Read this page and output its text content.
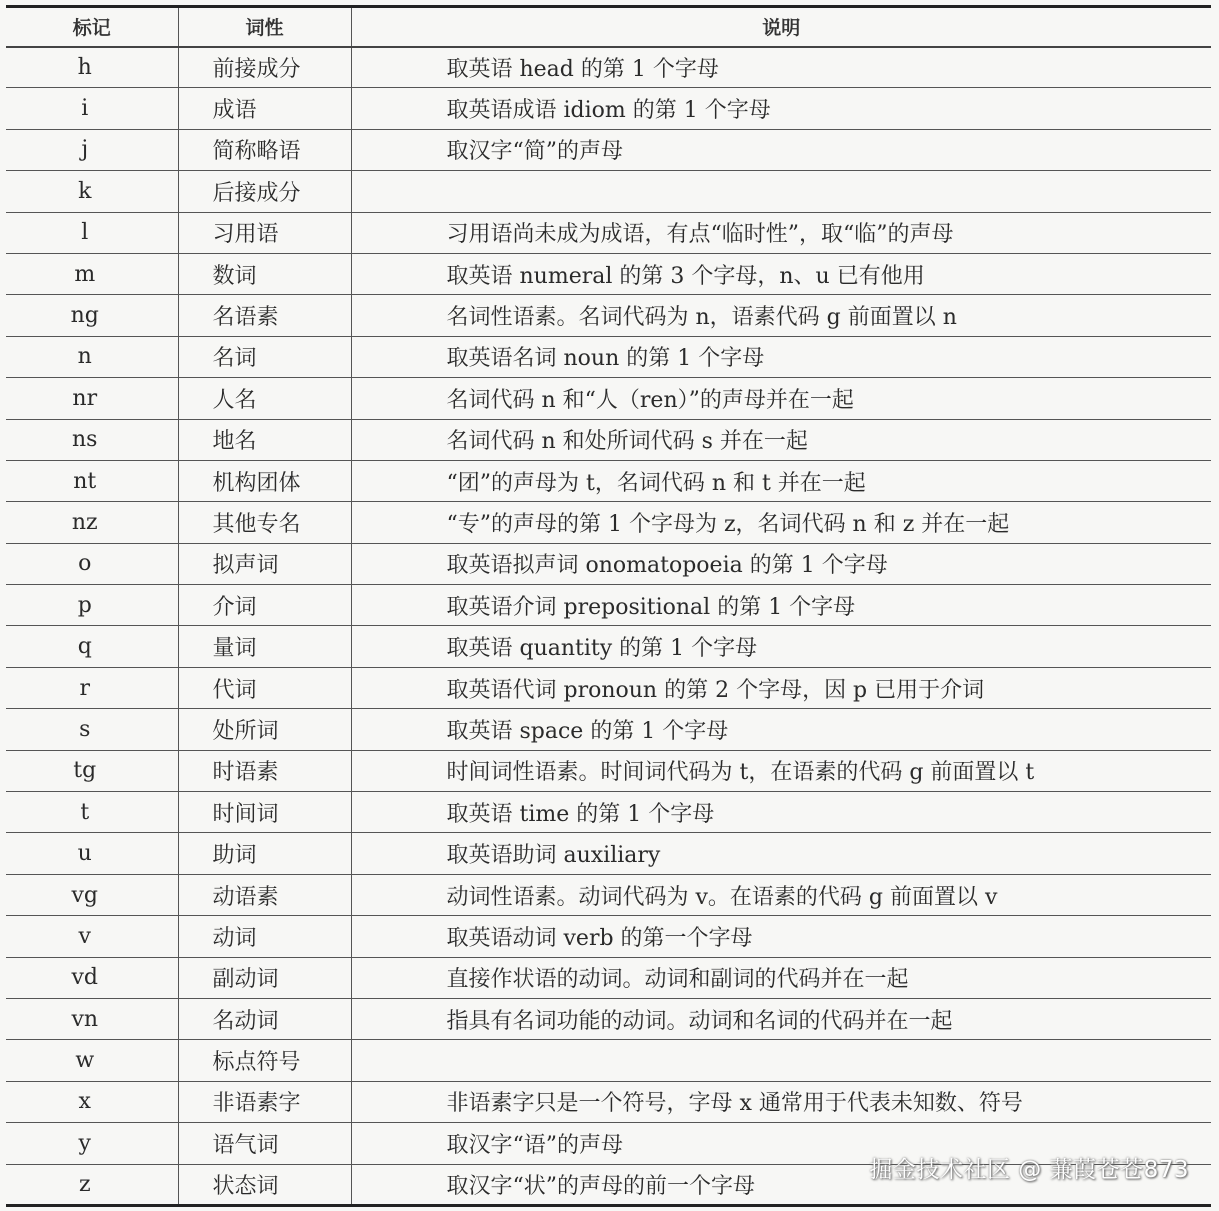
标记	词性	说明
h	前接成分	取英语 head 的第 1 个字母
i	成语	取英语成语 idiom 的第 1 个字母
j	简称略语	取汉字“简”的声母
k	后接成分	
l	习用语	习用语尚未成为成语，有点“临时性”，取“临”的声母
m	数词	取英语 numeral 的第 3 个字母，n、u 已有他用
ng	名语素	名词性语素。名词代码为 n，语素代码 g 前面置以 n
n	名词	取英语名词 noun 的第 1 个字母
nr	人名	名词代码 n 和“人（ren）”的声母并在一起
ns	地名	名词代码 n 和处所词代码 s 并在一起
nt	机构团体	“团”的声母为 t，名词代码 n 和 t 并在一起
nz	其他专名	“专”的声母的第 1 个字母为 z，名词代码 n 和 z 并在一起
o	拟声词	取英语拟声词 onomatopoeia 的第 1 个字母
p	介词	取英语介词 prepositional 的第 1 个字母
q	量词	取英语 quantity 的第 1 个字母
r	代词	取英语代词 pronoun 的第 2 个字母，因 p 已用于介词
s	处所词	取英语 space 的第 1 个字母
tg	时语素	时间词性语素。时间词代码为 t，在语素的代码 g 前面置以 t
t	时间词	取英语 time 的第 1 个字母
u	助词	取英语助词 auxiliary
vg	动语素	动词性语素。动词代码为 v。在语素的代码 g 前面置以 v
v	动词	取英语动词 verb 的第一个字母
vd	副动词	直接作状语的动词。动词和副词的代码并在一起
vn	名动词	指具有名词功能的动词。动词和名词的代码并在一起
w	标点符号	
x	非语素字	非语素字只是一个符号，字母 x 通常用于代表未知数、符号
y	语气词	取汉字“语”的声母
z	状态词	取汉字“状”的声母的前一个字母
掘金技术社区 @ 蒹葭苍苍873
